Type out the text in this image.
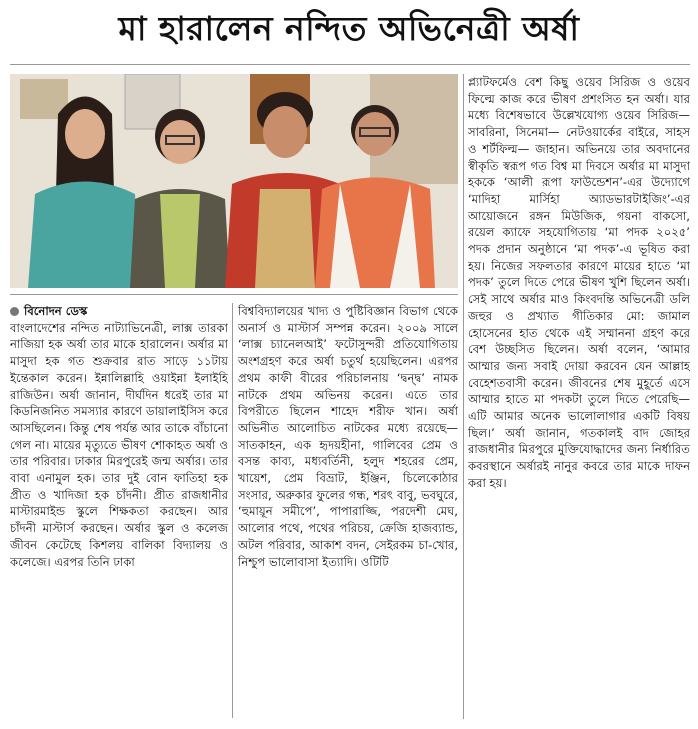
মা হারালেন নন্দিত অভিনেত্রী অর্ষা
বিনোদন ডেস্ক
বাংলাদেশের নন্দিত নাট্যাভিনেত্রী, লাক্স তারকা নাজিয়া হক অর্ষা তার মাকে হারালেন। অর্ষার মা মাসুদা হক গত শুক্রবার রাত সাড়ে ১১টায় ইন্তেকাল করেন। ইন্নালিল্লাহি ওয়াইন্না ইলাইহি রাজিউন। অর্ষা জানান, দীর্ঘদিন ধরেই তার মা কিডনিজনিত সমস্যার কারণে ডায়ালাইসিস করে আসছিলেন। কিন্তু শেষ পর্যন্ত আর তাকে বাঁচানো গেল না। মায়ের মৃত্যুতে ভীষণ শোকাহত অর্ষা ও তার পরিবার। ঢাকার মিরপুরেই জন্ম অর্ষার। তার বাবা এনামুল হক। তার দুই বোন ফাতিহা হক প্রীত ও খাদিজা হক চাঁদনী। প্রীত রাজধানীর মাস্টারমাইন্ড স্কুলে শিক্ষকতা করছেন। আর চাঁদনী মাস্টার্স করছেন। অর্ষার স্কুল ও কলেজ জীবন কেটেছে কিশলয় বালিকা বিদ্যালয় ও কলেজে। এরপর তিনি ঢাকা
বিশ্ববিদ্যালয়ের খাদ্য ও পুষ্টিবিজ্ঞান বিভাগ থেকে অনার্স ও মাস্টার্স সম্পন্ন করেন। ২০০৯ সালে ‘লাক্স চ্যানেলআই’ ফটোসুন্দরী প্রতিযোগিতায় অংশগ্রহণ করে অর্ষা চতুর্থ হয়েছিলেন। এরপর প্রথম কাফী বীরের পরিচালনায় ‘দ্বন্দ্ব’ নামক নাটকে প্রথম অভিনয় করেন। এতে তার বিপরীতে ছিলেন শাহেদ শরীফ খান। অর্ষা অভিনীত আলোচিত নাটকের মধ্যে রয়েছে— সাতকাহন, এক হৃদয়হীনা, গালিবের প্রেম ও বসন্ত কাব্য, মধ্যবর্তিনী, হলুদ শহরের প্রেম, খায়েশ, প্রেম বিভ্রাট, ইঞ্জিন, চিলেকোঠার সংসার, অরুকার ফুলের গন্ধ, শরৎ বাবু, ভবঘুরে, ‘হুমায়ূন সমীপে’, পাপারাজ্জি, পরদেশী মেঘ, আলোর পথে, পথের পরিচয়, ক্রেজি হাজব্যান্ড, অটল পরিবার, আকাশ বদন, সেইরকম চা-খোর, নিশ্চুপ ভালোবাসা ইত্যাদি। ওটিটি
প্ল্যাটফর্মেও বেশ কিছু ওয়েব সিরিজ ও ওয়েব ফিল্মে কাজ করে ভীষণ প্রশংসিত হন অর্ষা। যার মধ্যে বিশেষভাবে উল্লেখযোগ্য ওয়েব সিরিজ— সাবরিনা, সিনেমা— নেটওয়ার্কের বাইরে, সাহস ও শর্টফিল্ম— জাহান। অভিনয়ে তার অবদানের স্বীকৃতি স্বরূপ গত বিশ্ব মা দিবসে অর্ষার মা মাসুদা হককে ‘আলী রূপা ফাউন্ডেশন’-এর উদ্যোগে ‘মাদিহা মার্সিহা অ্যাডভারটাইজিং’-এর আয়োজনে রঙ্গন মিউজিক, গয়না বাকসো, রয়েল ক্যাফে সহযোগিতায় ‘মা পদক ২০২৫’ পদক প্রদান অনুষ্ঠানে ‘মা পদক’-এ ভূষিত করা হয়। নিজের সফলতার কারণে মায়ের হাতে ‘মা পদক’ তুলে দিতে পেরে ভীষণ খুশি ছিলেন অর্ষা। সেই সাথে অর্ষার মাও কিংবদন্তি অভিনেত্রী ডলি জহুর ও প্রখ্যাত গীতিকার মো: জামাল হোসেনের হাত থেকে এই সম্মাননা গ্রহণ করে বেশ উচ্ছসিত ছিলেন। অর্ষা বলেন, ‘আমার আম্মার জন্য সবাই দোয়া করবেন যেন আল্লাহ বেহেশতবাসী করেন। জীবনের শেষ মুহূর্তে এসে আম্মার হাতে মা পদকটা তুলে দিতে পেরেছি— এটি আমার অনেক ভালোলাগার একটি বিষয় ছিল।’ অর্ষা জানান, গতকালই বাদ জোহর রাজধানীর মিরপুরে মুক্তিযোদ্ধাদের জন্য নির্ধারিত কবরস্থানে অর্ষারই নানুর কবরে তার মাকে দাফন করা হয়।
